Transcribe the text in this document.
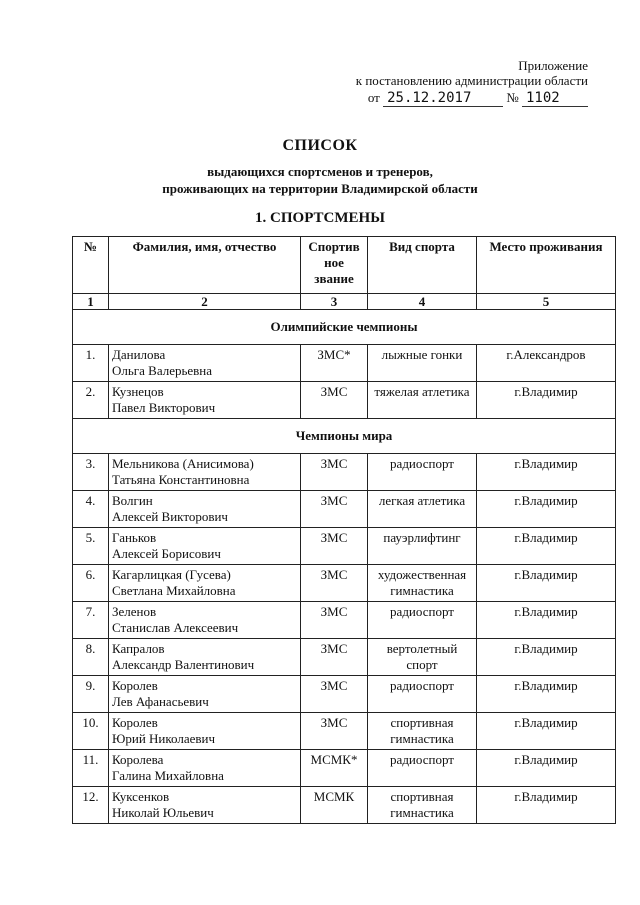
Приложение
к постановлению администрации области
от 25.12.2017	№ 1102
СПИСОК
выдающихся спортсменов и тренеров,
проживающих на территории Владимирской области
1. СПОРТСМЕНЫ
№	Фамилия, имя, отчество	Спортив
ное
звание	Вид спорта	Место проживания
1	2	3	4	5
Олимпийские чемпионы				
1.	Данилова
Ольга Валерьевна	ЗМС*	лыжные гонки	г.Александров
2.	Кузнецов
Павел Викторович	ЗМС	тяжелая атлетика	г.Владимир
Чемпионы мира				
3.	Мельникова (Анисимова)
Татьяна Константиновна	ЗМС	радиоспорт	г.Владимир
4.	Волгин
Алексей Викторович	ЗМС	легкая атлетика	г.Владимир
5.	Ганьков
Алексей Борисович	ЗМС	пауэрлифтинг	г.Владимир
6.	Кагарлицкая (Гусева)
Светлана Михайловна	ЗМС	художественная гимнастика	г.Владимир
7.	Зеленов
Станислав Алексеевич	ЗМС	радиоспорт	г.Владимир
8.	Капралов
Александр Валентинович	ЗМС	вертолетный спорт	г.Владимир
9.	Королев
Лев Афанасьевич	ЗМС	радиоспорт	г.Владимир
10.	Королев
Юрий Николаевич	ЗМС	спортивная гимнастика	г.Владимир
11.	Королева
Галина Михайловна	МСМК*	радиоспорт	г.Владимир
12.	Куксенков
Николай Юльевич	МСМК	спортивная гимнастика	г.Владимир
